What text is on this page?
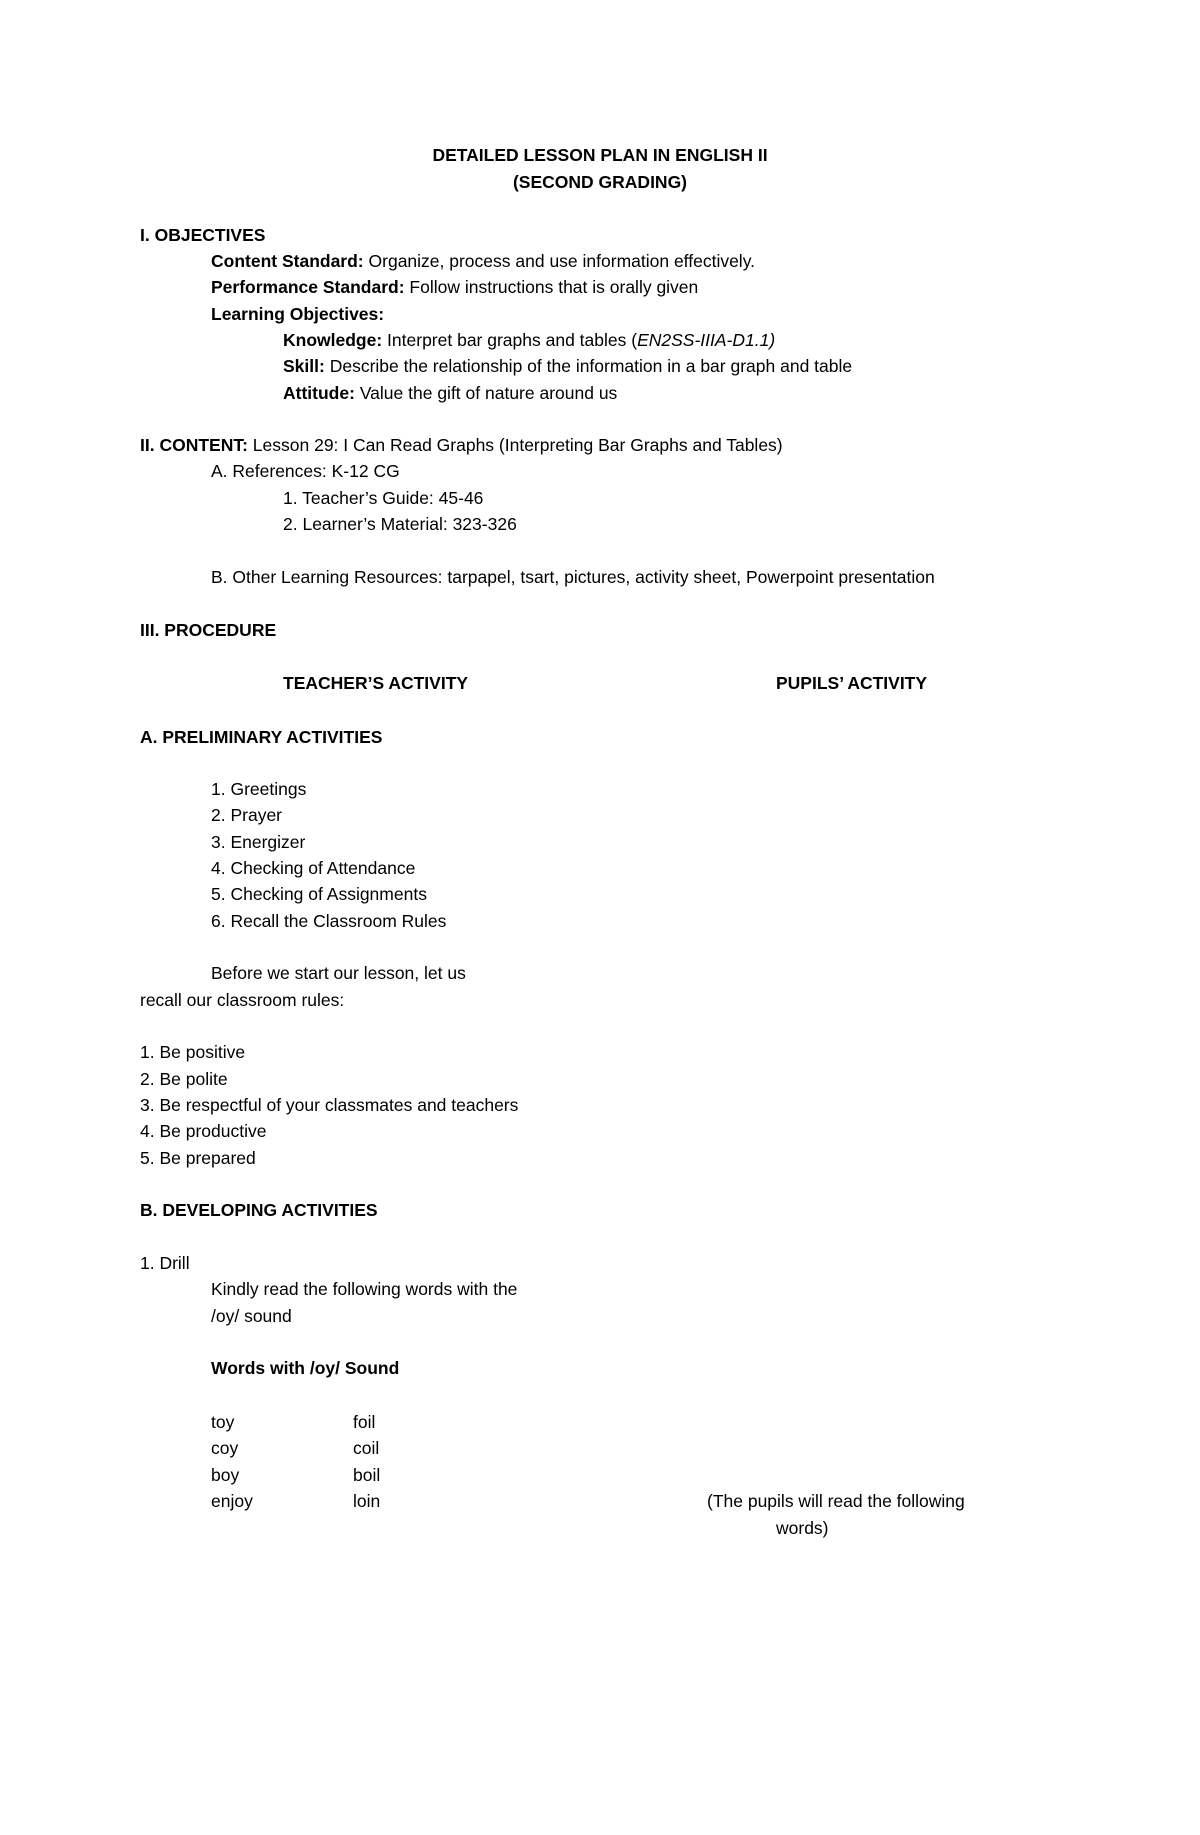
DETAILED LESSON PLAN IN ENGLISH II
(SECOND GRADING)
I. OBJECTIVES
Content Standard: Organize, process and use information effectively.
Performance Standard: Follow instructions that is orally given
Learning Objectives:
Knowledge: Interpret bar graphs and tables (EN2SS-IIIA-D1.1)
Skill: Describe the relationship of the information in a bar graph and table
Attitude: Value the gift of nature around us
II. CONTENT: Lesson 29: I Can Read Graphs (Interpreting Bar Graphs and Tables)
A. References: K-12 CG
1. Teacher’s Guide: 45-46
2. Learner’s Material: 323-326
B. Other Learning Resources: tarpapel, tsart, pictures, activity sheet, Powerpoint presentation
III. PROCEDURE
TEACHER’S ACTIVITY	PUPILS’ ACTIVITY
A. PRELIMINARY ACTIVITIES
1. Greetings
2. Prayer
3. Energizer
4. Checking of Attendance
5. Checking of Assignments
6. Recall the Classroom Rules
Before we start our lesson, let us
recall our classroom rules:
1. Be positive
2. Be polite
3. Be respectful of your classmates and teachers
4. Be productive
5. Be prepared
B. DEVELOPING ACTIVITIES
1. Drill
Kindly read the following words with the
/oy/ sound
Words with /oy/ Sound
toy	foil
coy	coil
boy	boil
enjoy	loin	(The pupils will read the following
words)
